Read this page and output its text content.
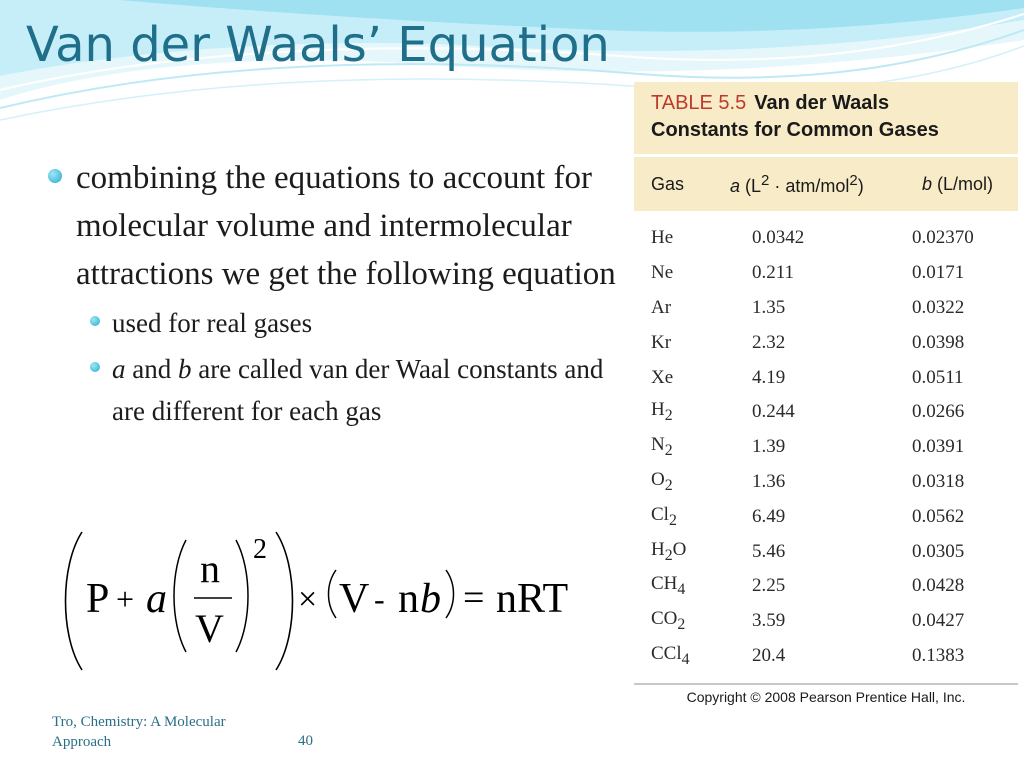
Van der Waals’ Equation
combining the equations to account for molecular volume and intermolecular attractions we get the following equation
used for real gases
a and b are called van der Waal constants and are different for each gas
P + a
n
V
2
× V - n b = nRT
TABLE 5.5 Van der Waals
Constants for Common Gases
Gas	a $(L^2 \cdot atm/mol^2)$	b (L/mol)
He	0.0342	0.02370
Ne	0.211	0.0171
Ar	1.35	0.0322
Kr	2.32	0.0398
Xe	4.19	0.0511
$H_2$	0.244	0.0266
$N_2$	1.39	0.0391
$O_2$	1.36	0.0318
$Cl_2$	6.49	0.0562
$H_2O$	5.46	0.0305
$CH_4$	2.25	0.0428
$CO_2$	3.59	0.0427
CCl$_4$	20.4	0.1383
Copyright © 2008 Pearson Prentice Hall, Inc.
Tro, Chemistry: A Molecular Approach	40
